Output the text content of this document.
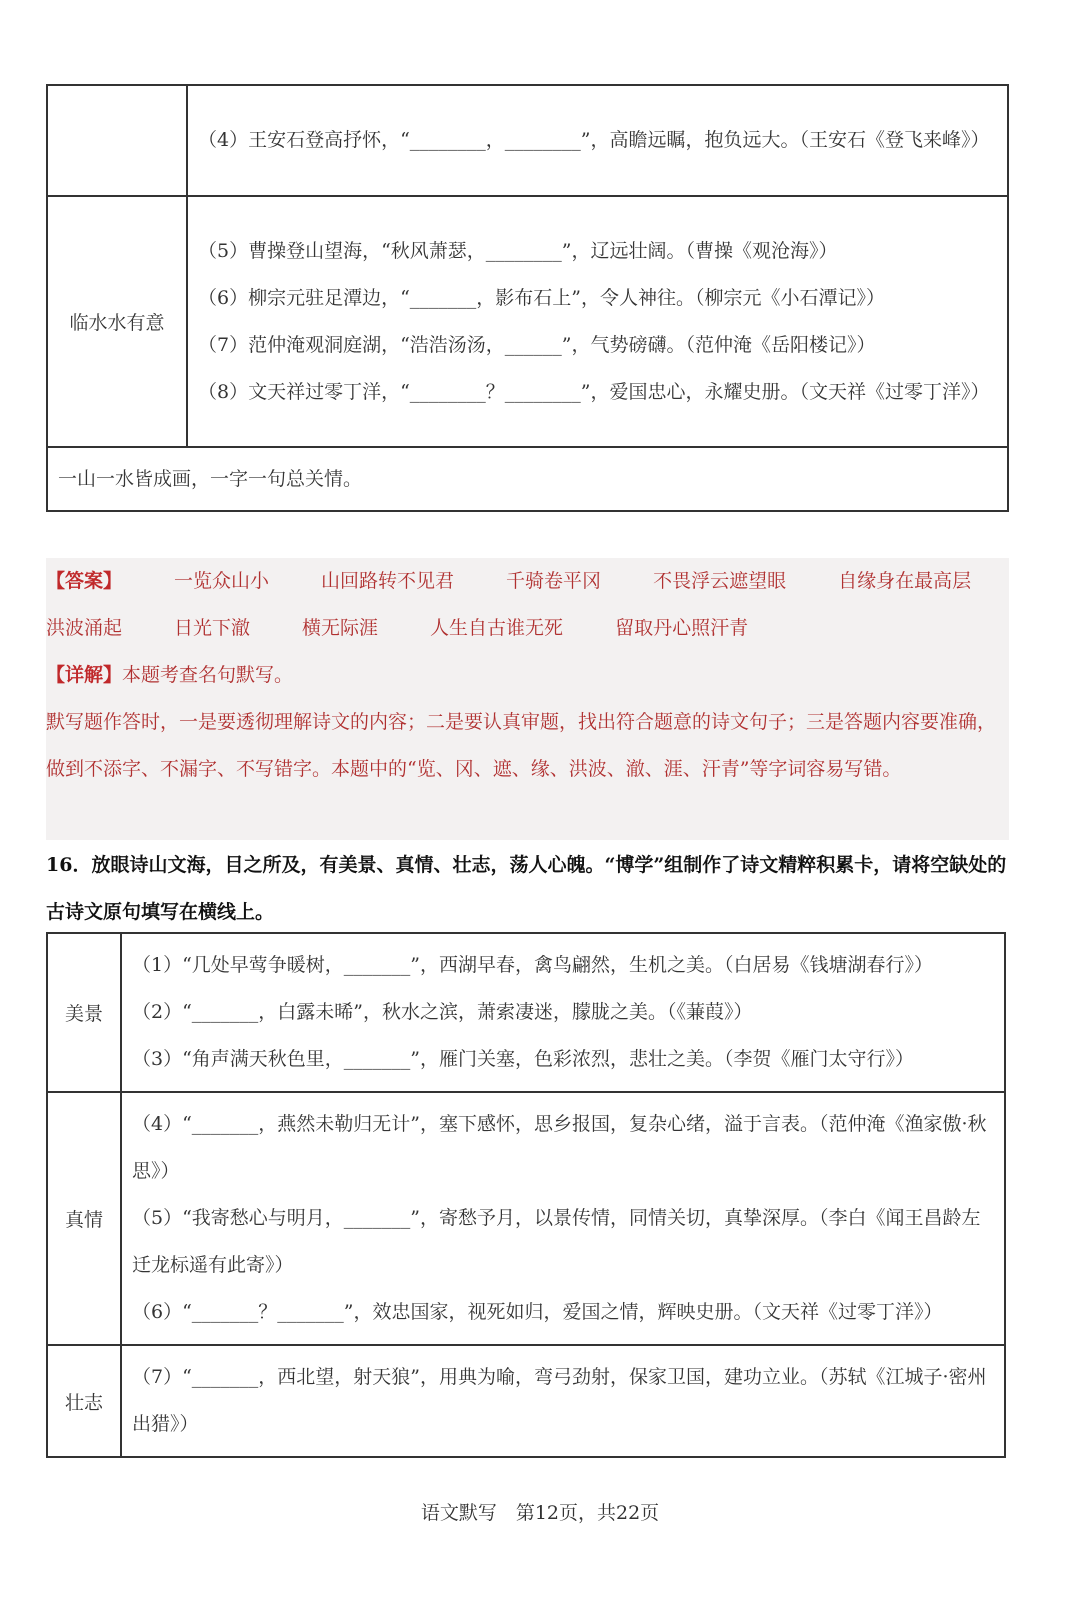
	（4）王安石登高抒怀，“________，________”，高瞻远瞩，抱负远大。（王安石《登飞来峰》）

临水水有意	（5）曹操登山望海，“秋风萧瑟，________”，辽远壮阔。（曹操《观沧海》）
（6）柳宗元驻足潭边，“_______，影布石上”，令人神往。（柳宗元《小石潭记》）
（7）范仲淹观洞庭湖，“浩浩汤汤，______”，气势磅礴。（范仲淹《岳阳楼记》）
（8）文天祥过零丁洋，“________？________”，爱国忠心，永耀史册。（文天祥《过零丁洋》）

一山一水皆成画，一字一句总关情。	

【答案】	一览众山小	山回路转不见君	千骑卷平冈	不畏浮云遮望眼	自缘身在最高层洪波涌起	日光下澈	横无际涯	人生自古谁无死	留取丹心照汗青

【详解】本题考查名句默写。

默写题作答时，一是要透彻理解诗文的内容；二是要认真审题，找出符合题意的诗文句子；三是答题内容要准确，做到不添字、不漏字、不写错字。本题中的“览、冈、遮、缘、洪波、澈、涯、汗青”等字词容易写错。

16．放眼诗山文海，目之所及，有美景、真情、壮志，荡人心魄。“博学”组制作了诗文精粹积累卡，请将空缺处的古诗文原句填写在横线上。
美景	（1）“几处早莺争暖树，_______”，西湖早春，禽鸟翩然，生机之美。（白居易《钱塘湖春行》）
（2）“_______，白露未晞”，秋水之滨，萧索凄迷，朦胧之美。（《蒹葭》）
（3）“角声满天秋色里，_______”，雁门关塞，色彩浓烈，悲壮之美。（李贺《雁门太守行》）

真情	（4）“_______，燕然未勒归无计”，塞下感怀，思乡报国，复杂心绪，溢于言表。（范仲淹《渔家傲·秋思》）
（5）“我寄愁心与明月，_______”，寄愁予月，以景传情，同情关切，真挚深厚。（李白《闻王昌龄左迁龙标遥有此寄》）
（6）“_______？_______”，效忠国家，视死如归，爱国之情，辉映史册。（文天祥《过零丁洋》）

壮志	（7）“_______，西北望，射天狼”，用典为喻，弯弓劲射，保家卫国，建功立业。（苏轼《江城子·密州出猎》）
语文默写　第12页，共22页
